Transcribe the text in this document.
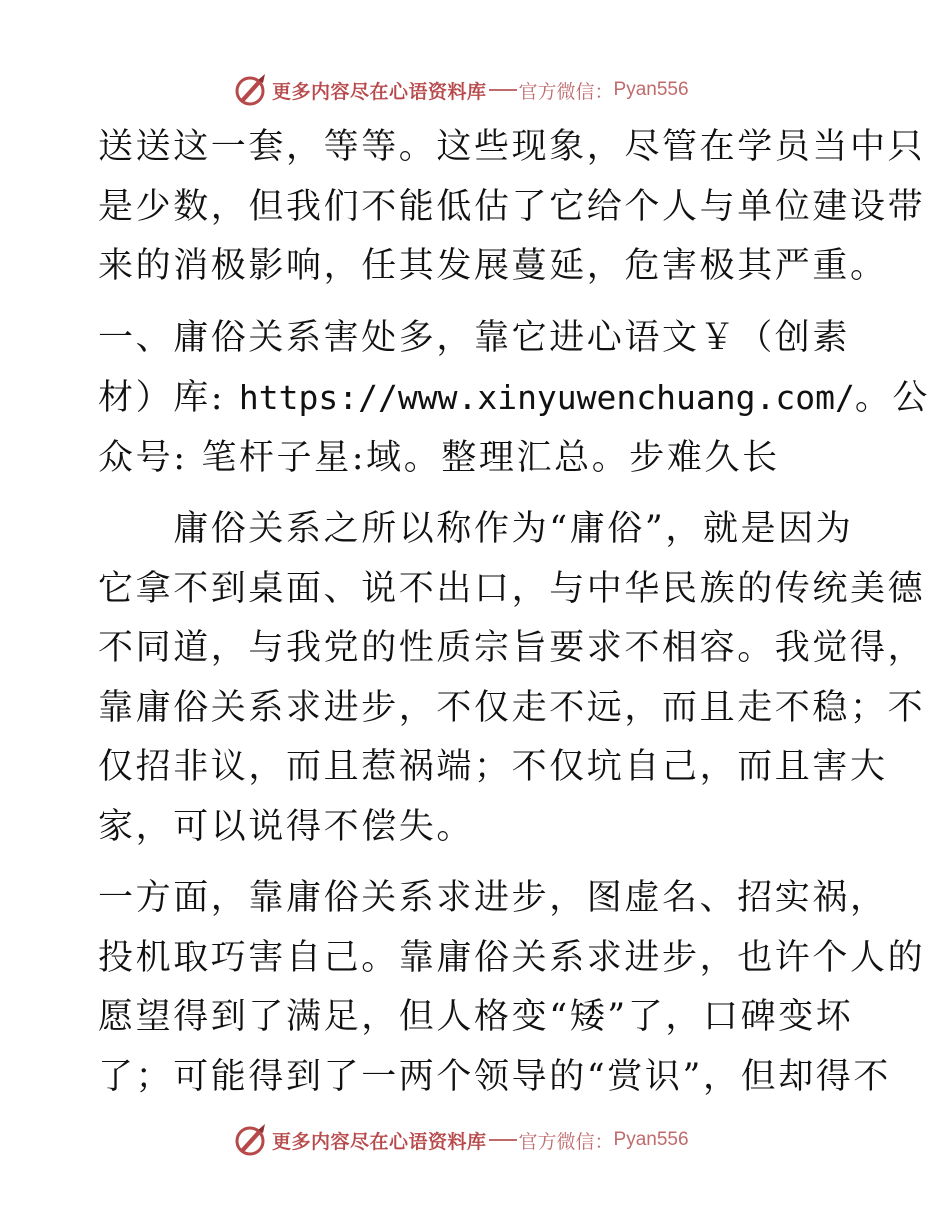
更多内容尽在心语资料库 官方微信： Pyan556

送送这一套，等等。这些现象，尽管在学员当中只
是少数，但我们不能低估了它给个人与单位建设带
来的消极影响，任其发展蔓延，危害极其严重。

一、庸俗关系害处多，靠它进心语文￥（创素
材）库: https://www.xinyuwenchuang.com/。公
众号: 笔杆子星:域。整理汇总。步难久长

　　庸俗关系之所以称作为“庸俗”，就是因为
它拿不到桌面、说不出口，与中华民族的传统美德
不同道，与我党的性质宗旨要求不相容。我觉得，
靠庸俗关系求进步，不仅走不远，而且走不稳；不
仅招非议，而且惹祸端；不仅坑自己，而且害大
家，可以说得不偿失。

一方面，靠庸俗关系求进步，图虚名、招实祸，
投机取巧害自己。靠庸俗关系求进步，也许个人的
愿望得到了满足，但人格变“矮”了，口碑变坏
了；可能得到了一两个领导的“赏识”，但却得不

更多内容尽在心语资料库 官方微信： Pyan556
